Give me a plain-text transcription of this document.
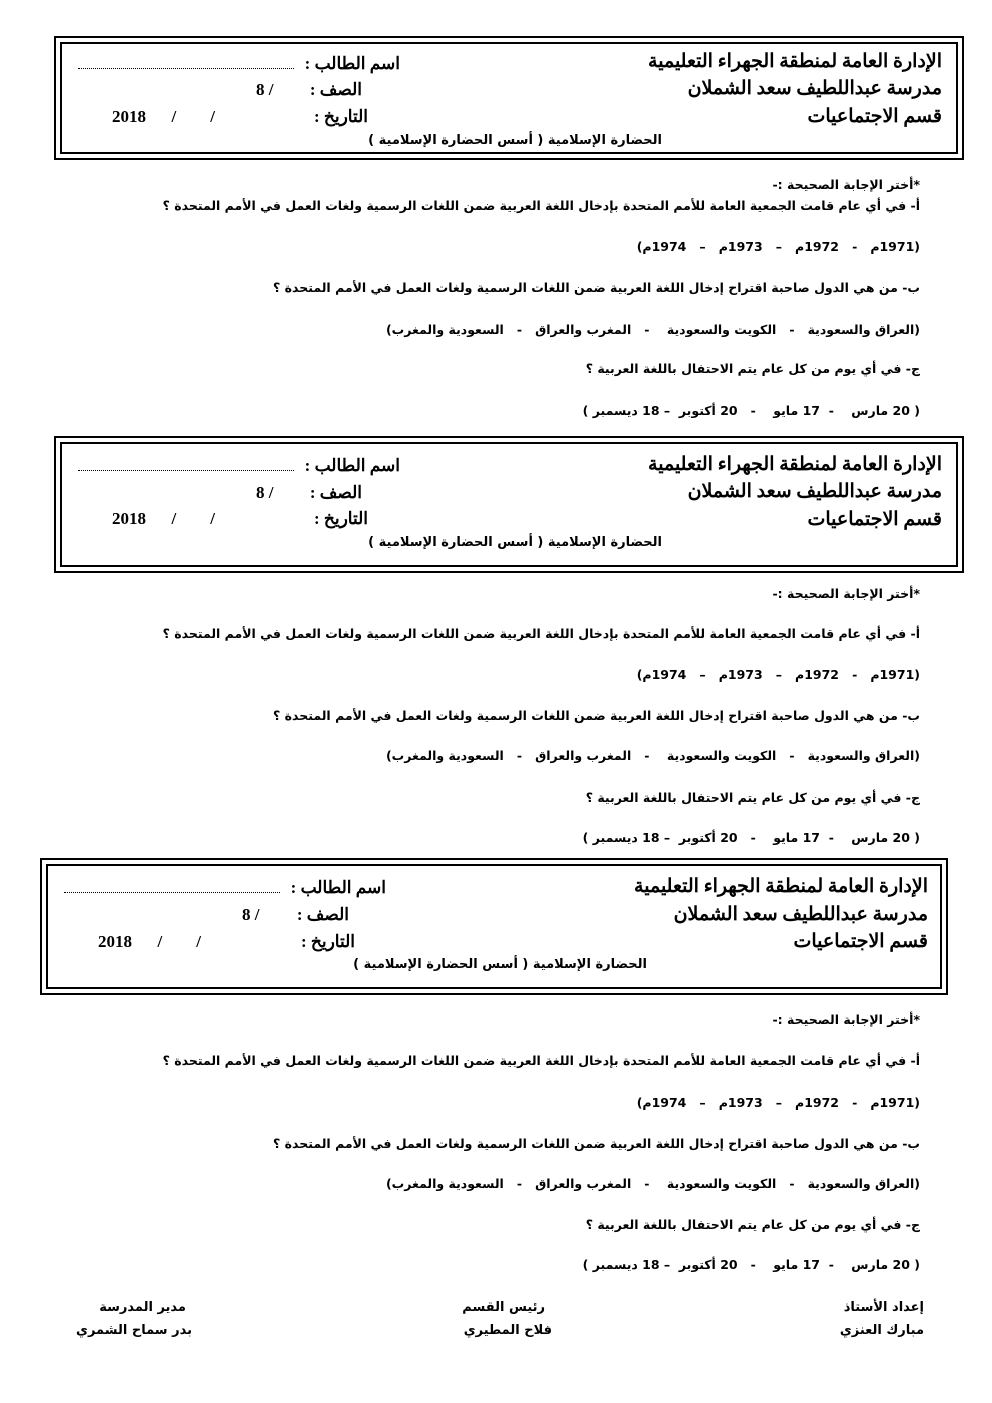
الإدارة العامة لمنطقة الجهراء التعليمية
مدرسة عبداللطيف سعد الشملان
قسم الاجتماعيات
اسم الطالب :
الصف :
8 /
التاريخ :
2018      /        /
الحضارة الإسلامية ( أسس الحضارة الإسلامية )
*أختر الإجابة الصحيحة :-
أ- في أي عام قامت الجمعية العامة للأمم المتحدة بإدخال اللغة العربية ضمن اللغات الرسمية ولغات العمل في الأمم المتحدة ؟
(1971م   -   1972م   –   1973م   –   1974م)
ب- من هي الدول صاحبة اقتراح إدخال اللغة العربية ضمن اللغات الرسمية ولغات العمل في الأمم المتحدة ؟
(العراق والسعودية   -   الكويت والسعودية    -   المغرب والعراق   -   السعودية والمغرب)
ج- في أي يوم من كل عام يتم الاحتفال باللغة العربية ؟
( 20 مارس    -  17 مايو    -   20 أكتوبر  – 18 ديسمبر )
الإدارة العامة لمنطقة الجهراء التعليمية
مدرسة عبداللطيف سعد الشملان
قسم الاجتماعيات
اسم الطالب :
الصف :
8 /
التاريخ :
2018      /        /
الحضارة الإسلامية ( أسس الحضارة الإسلامية )
*أختر الإجابة الصحيحة :-
أ- في أي عام قامت الجمعية العامة للأمم المتحدة بإدخال اللغة العربية ضمن اللغات الرسمية ولغات العمل في الأمم المتحدة ؟
(1971م   -   1972م   –   1973م   –   1974م)
ب- من هي الدول صاحبة اقتراح إدخال اللغة العربية ضمن اللغات الرسمية ولغات العمل في الأمم المتحدة ؟
(العراق والسعودية   -   الكويت والسعودية    -   المغرب والعراق   -   السعودية والمغرب)
ج- في أي يوم من كل عام يتم الاحتفال باللغة العربية ؟
( 20 مارس    -  17 مايو    -   20 أكتوبر  – 18 ديسمبر )
الإدارة العامة لمنطقة الجهراء التعليمية
مدرسة عبداللطيف سعد الشملان
قسم الاجتماعيات
اسم الطالب :
الصف :
8 /
التاريخ :
2018      /        /
الحضارة الإسلامية ( أسس الحضارة الإسلامية )
*أختر الإجابة الصحيحة :-
أ- في أي عام قامت الجمعية العامة للأمم المتحدة بإدخال اللغة العربية ضمن اللغات الرسمية ولغات العمل في الأمم المتحدة ؟
(1971م   -   1972م   –   1973م   –   1974م)
ب- من هي الدول صاحبة اقتراح إدخال اللغة العربية ضمن اللغات الرسمية ولغات العمل في الأمم المتحدة ؟
(العراق والسعودية   -   الكويت والسعودية    -   المغرب والعراق   -   السعودية والمغرب)
ج- في أي يوم من كل عام يتم الاحتفال باللغة العربية ؟
( 20 مارس    -  17 مايو    -   20 أكتوبر  – 18 ديسمبر )
إعداد الأستاذ
مبارك العنزي
رئيس القسم
فلاح المطيري
مدير المدرسة
بدر سماح الشمري
